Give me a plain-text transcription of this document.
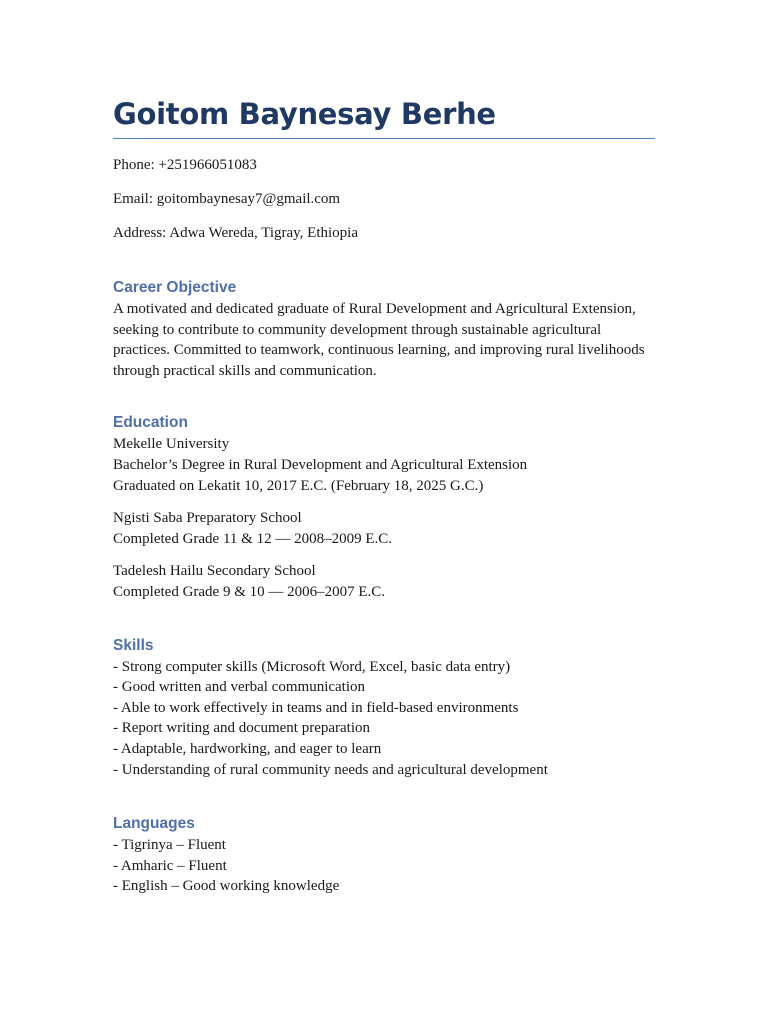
Goitom Baynesay Berhe

Phone: +251966051083

Email: goitombaynesay7@gmail.com

Address: Adwa Wereda, Tigray, Ethiopia

Career Objective

A motivated and dedicated graduate of Rural Development and Agricultural Extension,

seeking to contribute to community development through sustainable agricultural

practices. Committed to teamwork, continuous learning, and improving rural livelihoods

through practical skills and communication.

Education

Mekelle University

Bachelor’s Degree in Rural Development and Agricultural Extension

Graduated on Lekatit 10, 2017 E.C. (February 18, 2025 G.C.)

Ngisti Saba Preparatory School

Completed Grade 11 & 12 — 2008–2009 E.C.

Tadelesh Hailu Secondary School

Completed Grade 9 & 10 — 2006–2007 E.C.

Skills

- Strong computer skills (Microsoft Word, Excel, basic data entry)

- Good written and verbal communication

- Able to work effectively in teams and in field-based environments

- Report writing and document preparation

- Adaptable, hardworking, and eager to learn

- Understanding of rural community needs and agricultural development

Languages

- Tigrinya – Fluent

- Amharic – Fluent

- English – Good working knowledge
